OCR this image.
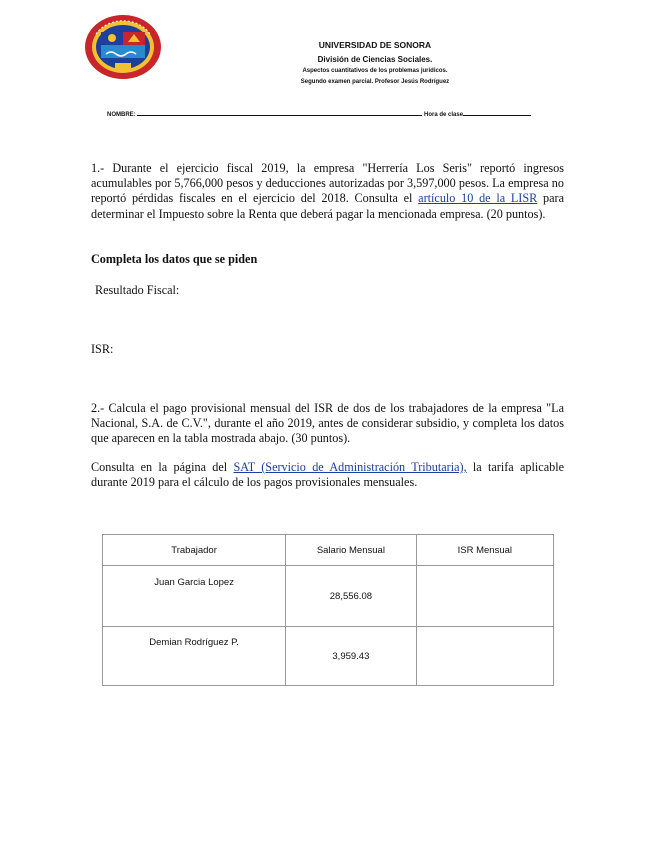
UNIVERSIDAD DE SONORA
División de Ciencias Sociales.
Aspectos cuantitativos de los problemas jurídicos.
Segundo examen parcial. Profesor Jesús Rodríguez
NOMBRE:	Hora de clase

1.- Durante el ejercicio fiscal 2019, la empresa "Herrería Los Seris" reportó ingresos acumulables por 5,766,000 pesos y deducciones autorizadas por 3,597,000 pesos. La empresa no reportó pérdidas fiscales en el ejercicio del 2018. Consulta el artículo 10 de la LISR para determinar el Impuesto sobre la Renta que deberá pagar la mencionada empresa. (20 puntos).

Completa los datos que se piden
Resultado Fiscal:
ISR:

2.- Calcula el pago provisional mensual del ISR de dos de los trabajadores de la empresa "La Nacional, S.A. de C.V.", durante el año 2019, antes de considerar subsidio, y completa los datos que aparecen en la tabla mostrada abajo. (30 puntos).

Consulta en la página del SAT (Servicio de Administración Tributaria), la tarifa aplicable durante 2019 para el cálculo de los pagos provisionales mensuales.

Trabajador	Salario Mensual	ISR Mensual
Juan Garcia Lopez	28,556.08	
Demian Rodríguez P.	3,959.43	
